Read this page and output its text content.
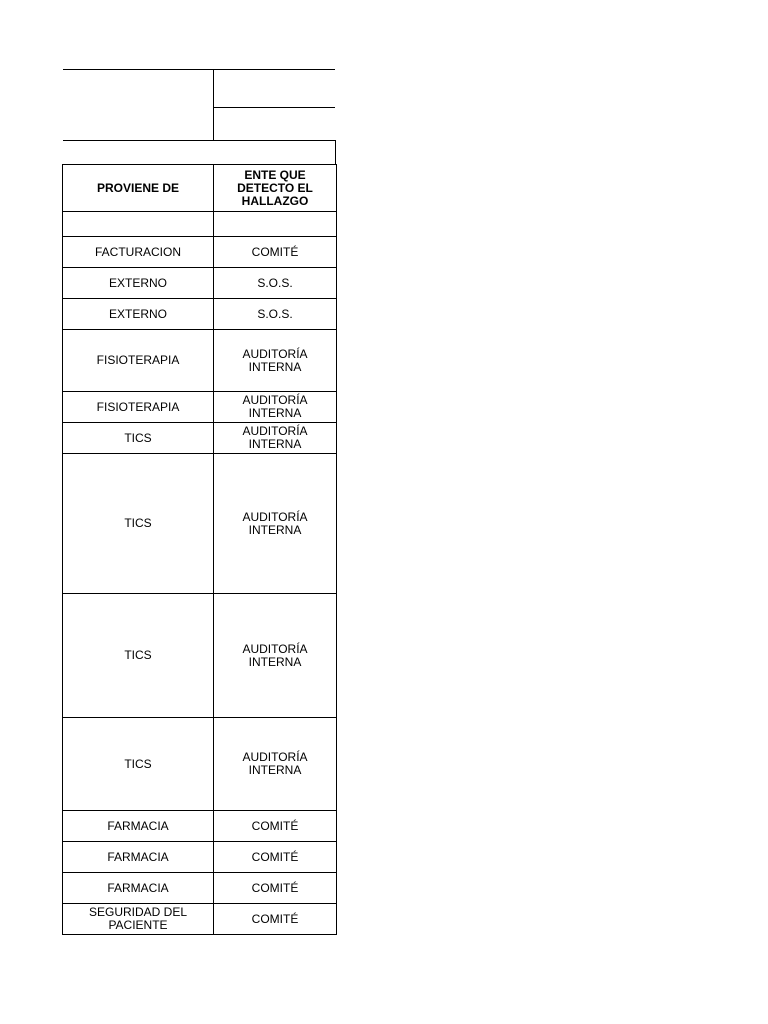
PROVIENE DE	ENTE QUE DETECTO EL HALLAZGO

FACTURACION	COMITÉ
EXTERNO	S.O.S.
EXTERNO	S.O.S.
FISIOTERAPIA	AUDITORÍA INTERNA
FISIOTERAPIA	AUDITORÍA INTERNA
TICS	AUDITORÍA INTERNA
TICS	AUDITORÍA INTERNA
TICS	AUDITORÍA INTERNA
TICS	AUDITORÍA INTERNA
FARMACIA	COMITÉ
FARMACIA	COMITÉ
FARMACIA	COMITÉ
SEGURIDAD DEL PACIENTE	COMITÉ
